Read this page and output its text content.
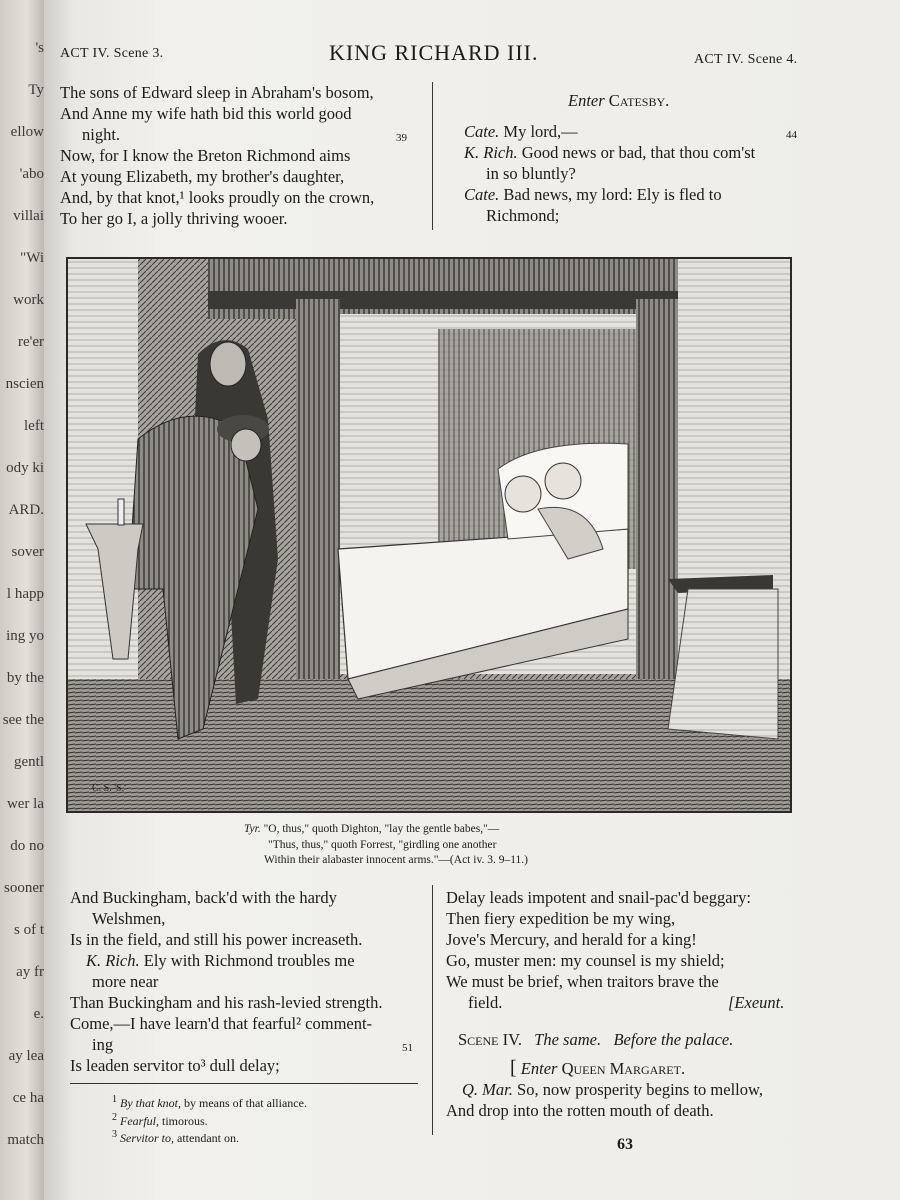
's
Ty
ellow
'abo
villai
"Wi
work
re'er
nscien
left
ody ki
ARD.
sover
l happ
ing yo
by the
see the
gentl
wer la
do no
sooner
s of t
ay fr
e.
ay lea
ce ha
match
ACT IV. Scene 3.	KING RICHARD III.	ACT IV. Scene 4.
The sons of Edward sleep in Abraham's bosom,
And Anne my wife hath bid this world good
night.	39
Now, for I know the Breton Richmond aims
At young Elizabeth, my brother's daughter,
And, by that knot,¹ looks proudly on the crown,
To her go I, a jolly thriving wooer.
Enter Catesby.
Cate. My lord,—	44
K. Rich. Good news or bad, that thou com'st
in so bluntly?
Cate. Bad news, my lord: Ely is fled to
Richmond;
C. S. 'S.'
Tyr. "O, thus," quoth Dighton, "lay the gentle babes,"—
"Thus, thus," quoth Forrest, "girdling one another
Within their alabaster innocent arms."—(Act iv. 3. 9–11.)
And Buckingham, back'd with the hardy
Welshmen,
Is in the field, and still his power increaseth.
K. Rich. Ely with Richmond troubles me
more near
Than Buckingham and his rash-levied strength.
Come,—I have learn'd that fearful² comment-
ing	51
Is leaden servitor to³ dull delay;
Delay leads impotent and snail-pac'd beggary:
Then fiery expedition be my wing,
Jove's Mercury, and herald for a king!
Go, muster men: my counsel is my shield;
We must be brief, when traitors brave the
field.	[Exeunt.
Scene IV. The same.   Before the palace.
[ Enter Queen Margaret.
Q. Mar. So, now prosperity begins to mellow,
And drop into the rotten mouth of death.
$^1$ By that knot, by means of that alliance.
$^2$ Fearful, timorous.
$^3$ Servitor to, attendant on.	63
